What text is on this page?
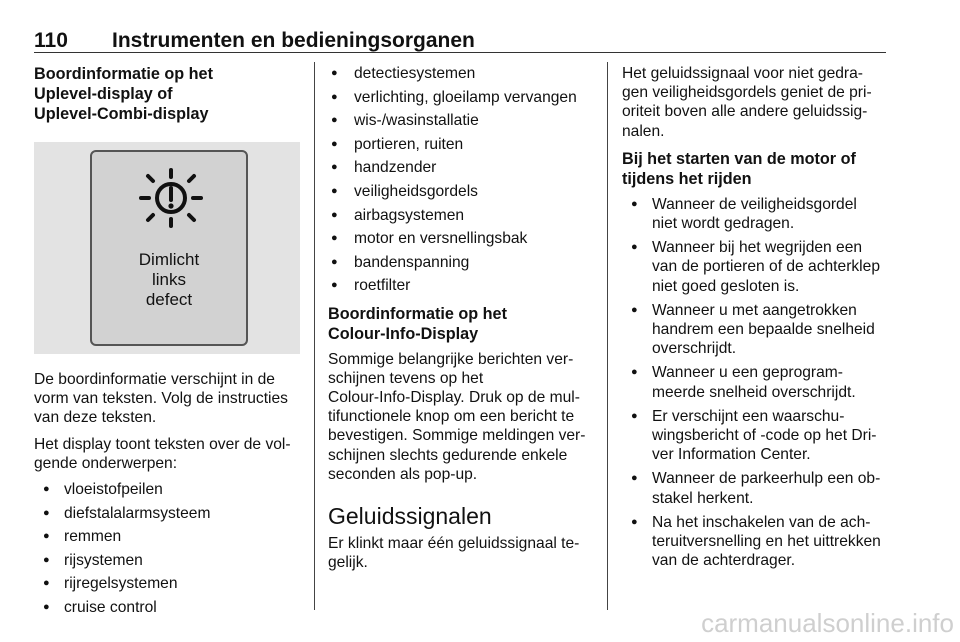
110 Instrumenten en bedieningsorganen
Boordinformatie op het
Uplevel-display of
Uplevel-Combi-display
Dimlicht
links
defect

De boordinformatie verschijnt in de
vorm van teksten. Volg de instructies
van deze teksten.

Het display toont teksten over de vol-
gende onderwerpen:

● vloeistofpeilen
● diefstalalarmsysteem
● remmen
● rijsystemen
● rijregelsystemen
● cruise control
● detectiesystemen
● verlichting, gloeilamp vervangen
● wis-/wasinstallatie
● portieren, ruiten
● handzender
● veiligheidsgordels
● airbagsystemen
● motor en versnellingsbak
● bandenspanning
● roetfilter
Boordinformatie op het
Colour-Info-Display

Sommige belangrijke berichten ver-
schijnen tevens op het
Colour-Info-Display. Druk op de mul-
tifunctionele knop om een bericht te
bevestigen. Sommige meldingen ver-
schijnen slechts gedurende enkele
seconden als pop-up.

Geluidssignalen

Er klinkt maar één geluidssignaal te-
gelijk.

Het geluidssignaal voor niet gedra-
gen veiligheidsgordels geniet de pri-
oriteit boven alle andere geluidssig-
nalen.

Bij het starten van de motor of
tijdens het rijden
● Wanneer de veiligheidsgordel
niet wordt gedragen.
● Wanneer bij het wegrijden een
van de portieren of de achterklep
niet goed gesloten is.
● Wanneer u met aangetrokken
handrem een bepaalde snelheid
overschrijdt.
● Wanneer u een geprogram-
meerde snelheid overschrijdt.
● Er verschijnt een waarschu-
wingsbericht of -code op het Dri-
ver Information Center.
● Wanneer de parkeerhulp een ob-
stakel herkent.
● Na het inschakelen van de ach-
teruitversnelling en het uittrekken
van de achterdrager.
carmanualsonline.info
